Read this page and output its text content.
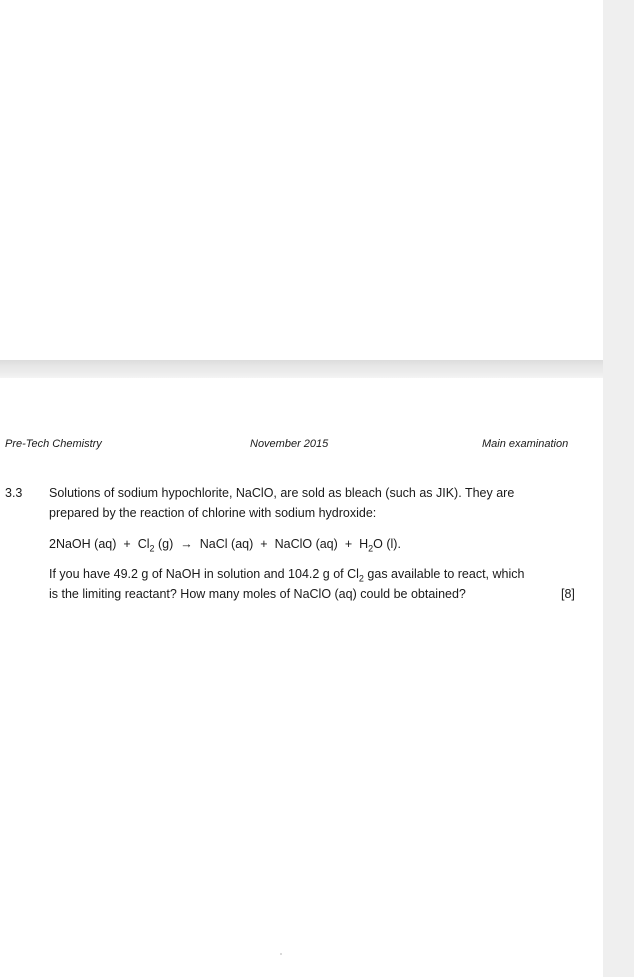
Pre-Tech Chemistry	November 2015	Main examination
3.3 Solutions of sodium hypochlorite, NaClO, are sold as bleach (such as JIK). They are
prepared by the reaction of chlorine with sodium hydroxide:
2NaOH $(aq) + Cl_2$ (g) → NaCl (aq) + NaClO $(aq) + H_2O$ (l).
If you have 49.2 g of NaOH in solution and 104.2 g of $Cl_2$ gas available to react, which
is the limiting reactant? How many moles of NaClO (aq) could be obtained?	[8]
